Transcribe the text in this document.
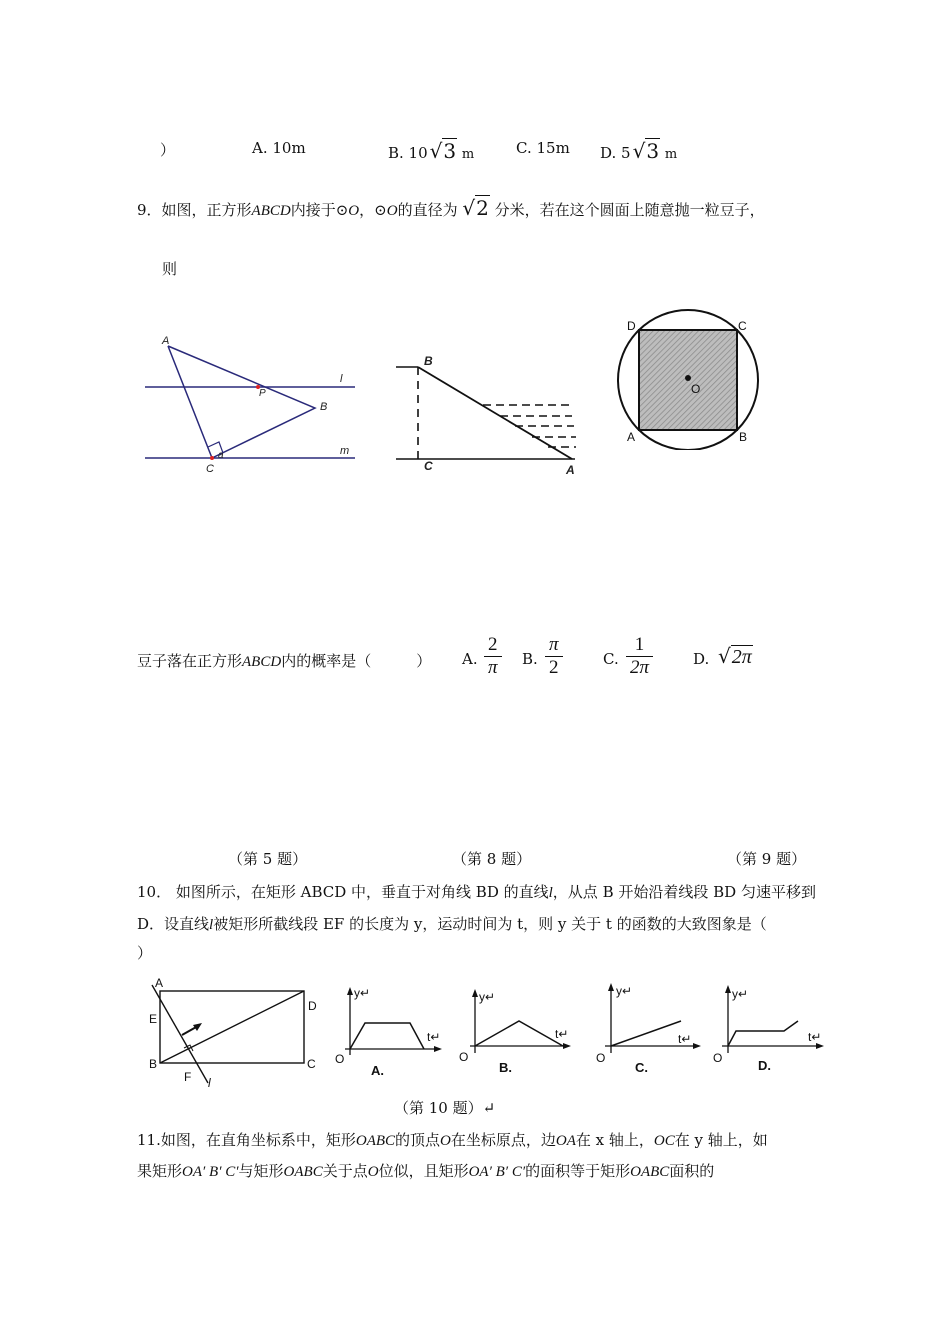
）	A. 10m	B. 10 √3 m	C. 15m D. 5 √3 m
9．如图，正方形ABCD内接于⊙O，⊙O的直径为 √2 分米，若在这个圆面上随意抛一粒豆子，
则
A
B
C
P
a
l
m
B
C	A
O
D	C
A	B
豆子落在正方形ABCD内的概率是（　　　） A. $\frac{2}{\pi} B$. $\frac{\pi}{2}$	C. $\frac{1}{2\pi}$	D. √2π
（第 5 题）	（第 8 题）	（第 9 题）
10． 如图所示，在矩形 ABCD 中，垂直于对角线 BD 的直线l，从点 B 开始沿着线段 BD 匀速平移到
D．设直线l被矩形所截线段 EF 的长度为 y，运动时间为 t，则 y 关于 t 的函数的大致图象是（
）
A
D
E
B	C
F l
y↵
t↵
O
A.
y↵
t↵
O
B.
y↵
t↵
O
C.
y↵
t↵
O	D.
（第 10 题）↵
11.如图，在直角坐标系中，矩形OABC的顶点O在坐标原点，边OA在 x 轴上，OC在 y 轴上，如
果矩形OA′ B′ C′与矩形OABC关于点O位似，且矩形OA′ B′ C′的面积等于矩形OABC面积的
